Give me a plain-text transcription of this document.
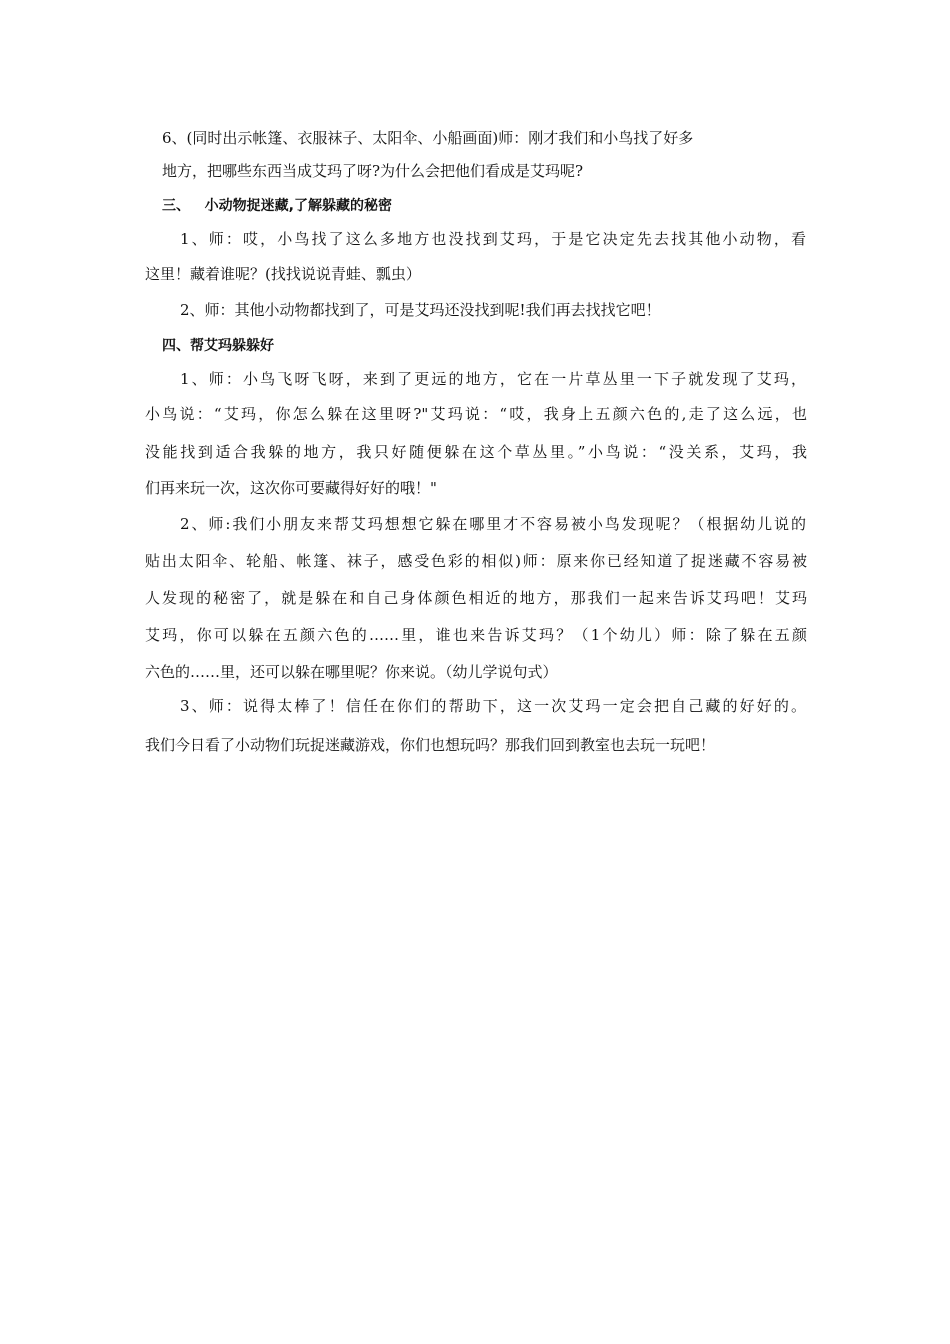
6、(同时出示帐篷、衣服袜子、太阳伞、小船画面)师：刚才我们和小鸟找了好多
地方，把哪些东西当成艾玛了呀?为什么会把他们看成是艾玛呢?
三、   小动物捉迷藏,了解躲藏的秘密
1、师：哎，小鸟找了这么多地方也没找到艾玛，于是它决定先去找其他小动物，看
这里！藏着谁呢？(找找说说青蛙、瓢虫）
2、师：其他小动物都找到了，可是艾玛还没找到呢!我们再去找找它吧！
四、帮艾玛躲躲好
1、师：小鸟飞呀飞呀，来到了更远的地方，它在一片草丛里一下子就发现了艾玛，
小鸟说：“艾玛，你怎么躲在这里呀?"艾玛说：“哎，我身上五颜六色的,走了这么远，也
没能找到适合我躲的地方，我只好随便躲在这个草丛里。”小鸟说：“没关系，艾玛，我
们再来玩一次，这次你可要藏得好好的哦！"
2、师:我们小朋友来帮艾玛想想它躲在哪里才不容易被小鸟发现呢？（根据幼儿说的
贴出太阳伞、轮船、帐篷、袜子，感受色彩的相似)师：原来你已经知道了捉迷藏不容易被
人发现的秘密了，就是躲在和自己身体颜色相近的地方，那我们一起来告诉艾玛吧！艾玛
艾玛，你可以躲在五颜六色的……里，谁也来告诉艾玛？（1个幼儿）师：除了躲在五颜
六色的……里，还可以躲在哪里呢？你来说。（幼儿学说句式）
3、师：说得太棒了！信任在你们的帮助下，这一次艾玛一定会把自己藏的好好的。
我们今日看了小动物们玩捉迷藏游戏，你们也想玩吗？那我们回到教室也去玩一玩吧！
